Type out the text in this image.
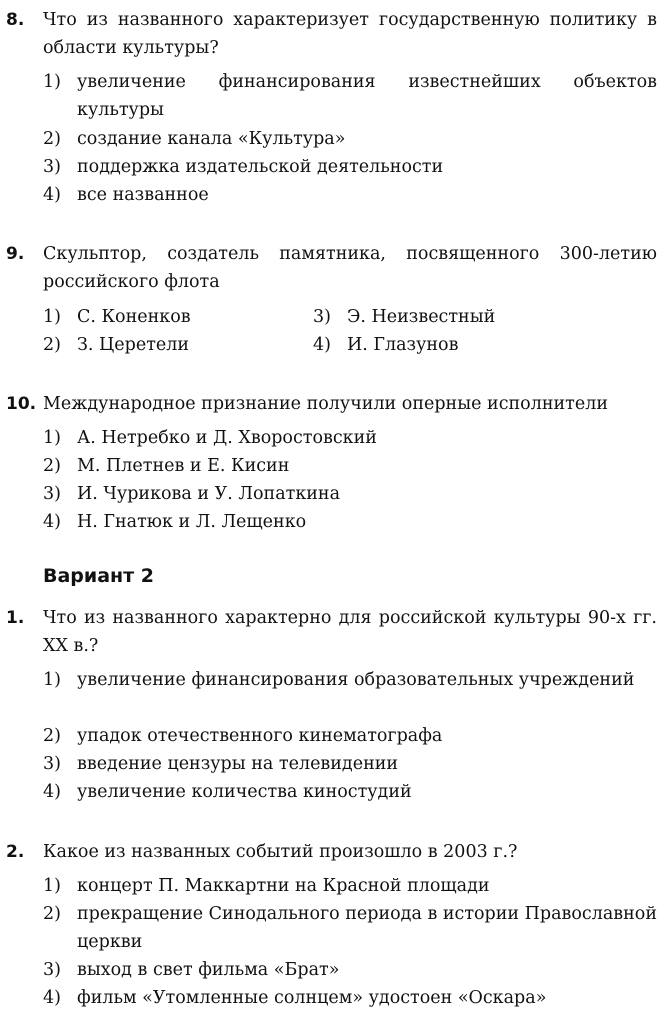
8. Что из названного характеризует государственную политику в области культуры?
1) увеличение финансирования известнейших объектов культуры
2) создание канала «Культура»
3) поддержка издательской деятельности
4) все названное
9. Скульптор, создатель памятника, посвященного 300-летию российского флота
1) С. Коненков	3) Э. Неизвестный
2) З. Церетели	4) И. Глазунов
10. Международное признание получили оперные исполнители
1) А. Нетребко и Д. Хворостовский
2) М. Плетнев и Е. Кисин
3) И. Чурикова и У. Лопаткина
4) Н. Гнатюк и Л. Лещенко
Вариант 2
1. Что из названного характерно для российской культуры 90-х гг. XX в.?
1) увеличение финансирования образовательных учреждений
2) упадок отечественного кинематографа
3) введение цензуры на телевидении
4) увеличение количества киностудий
2. Какое из названных событий произошло в 2003 г.?
1) концерт П. Маккартни на Красной площади
2) прекращение Синодального периода в истории Православной церкви
3) выход в свет фильма «Брат»
4) фильм «Утомленные солнцем» удостоен «Оскара»
